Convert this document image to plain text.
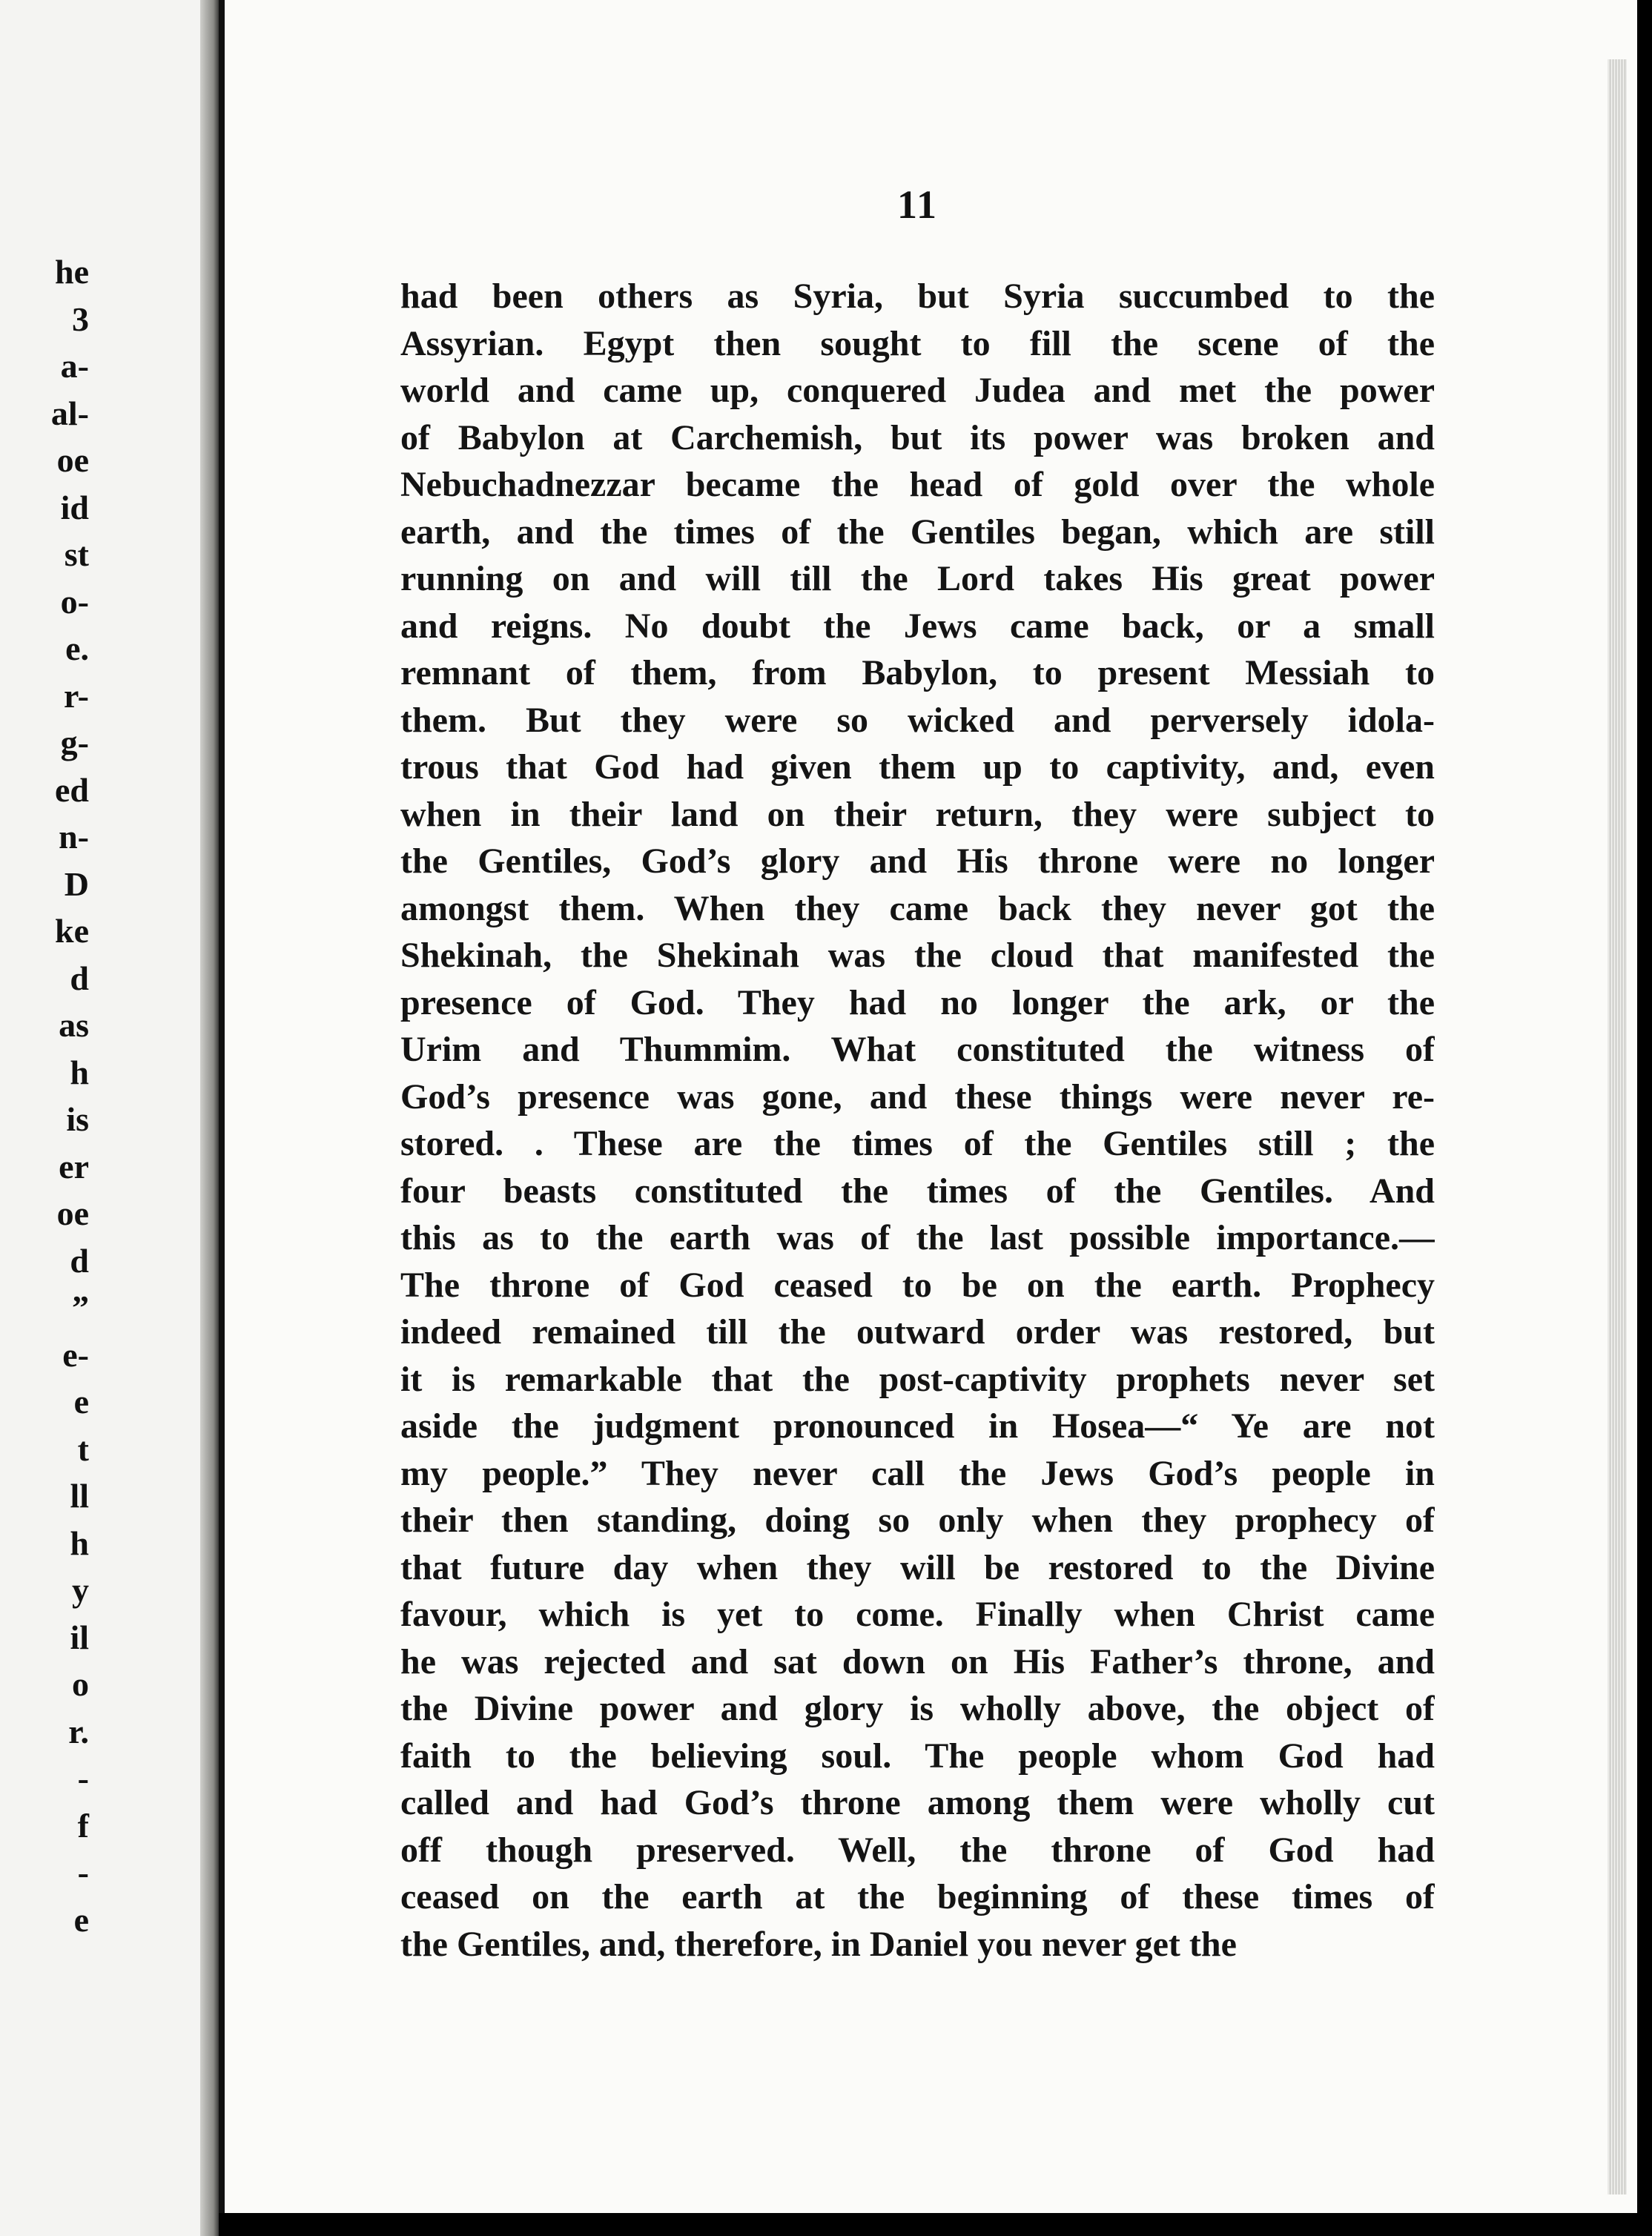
he
3
a-
al-
oe
id
st
o-
e.
r-
g-
ed
n-
D
ke
d
as
h
is
er
oe
d
”
e-
e
t
ll
h
y
il
o
r.
-
f
-
e
11
had been others as Syria, but Syria succumbed to the
Assyrian. Egypt then sought to fill the scene of the
world and came up, conquered Judea and met the power
of Babylon at Carchemish, but its power was broken and
Nebuchadnezzar became the head of gold over the whole
earth, and the times of the Gentiles began, which are still
running on and will till the Lord takes His great power
and reigns. No doubt the Jews came back, or a small
remnant of them, from Babylon, to present Messiah to
them. But they were so wicked and perversely idola-
trous that God had given them up to captivity, and, even
when in their land on their return, they were subject to
the Gentiles, God’s glory and His throne were no longer
amongst them. When they came back they never got the
Shekinah, the Shekinah was the cloud that manifested the
presence of God. They had no longer the ark, or the
Urim and Thummim. What constituted the witness of
God’s presence was gone, and these things were never re-
stored. . These are the times of the Gentiles still ; the
four beasts constituted the times of the Gentiles. And
this as to the earth was of the last possible importance.—
The throne of God ceased to be on the earth. Prophecy
indeed remained till the outward order was restored, but
it is remarkable that the post-captivity prophets never set
aside the judgment pronounced in Hosea—“ Ye are not
my people.” They never call the Jews God’s people in
their then standing, doing so only when they prophecy of
that future day when they will be restored to the Divine
favour, which is yet to come. Finally when Christ came
he was rejected and sat down on His Father’s throne, and
the Divine power and glory is wholly above, the object of
faith to the believing soul. The people whom God had
called and had God’s throne among them were wholly cut
off though preserved. Well, the throne of God had
ceased on the earth at the beginning of these times of
the Gentiles, and, therefore, in Daniel you never get the
